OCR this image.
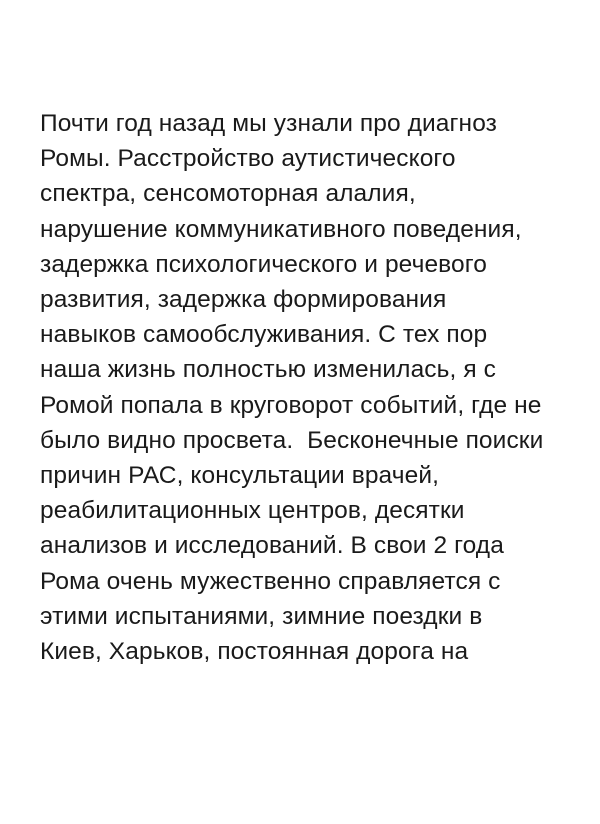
Почти год назад мы узнали про диагноз
Ромы. Расстройство аутистического
спектра, сенсомоторная алалия,
нарушение коммуникативного поведения,
задержка психологического и речевого
развития, задержка формирования
навыков самообслуживания. С тех пор
наша жизнь полностью изменилась, я с
Ромой попала в круговорот событий, где не
было видно просвета.  Бесконечные поиски
причин РАС, консультации врачей,
реабилитационных центров, десятки
анализов и исследований. В свои 2 года
Рома очень мужественно справляется с
этими испытаниями, зимние поездки в
Киев, Харьков, постоянная дорога на
